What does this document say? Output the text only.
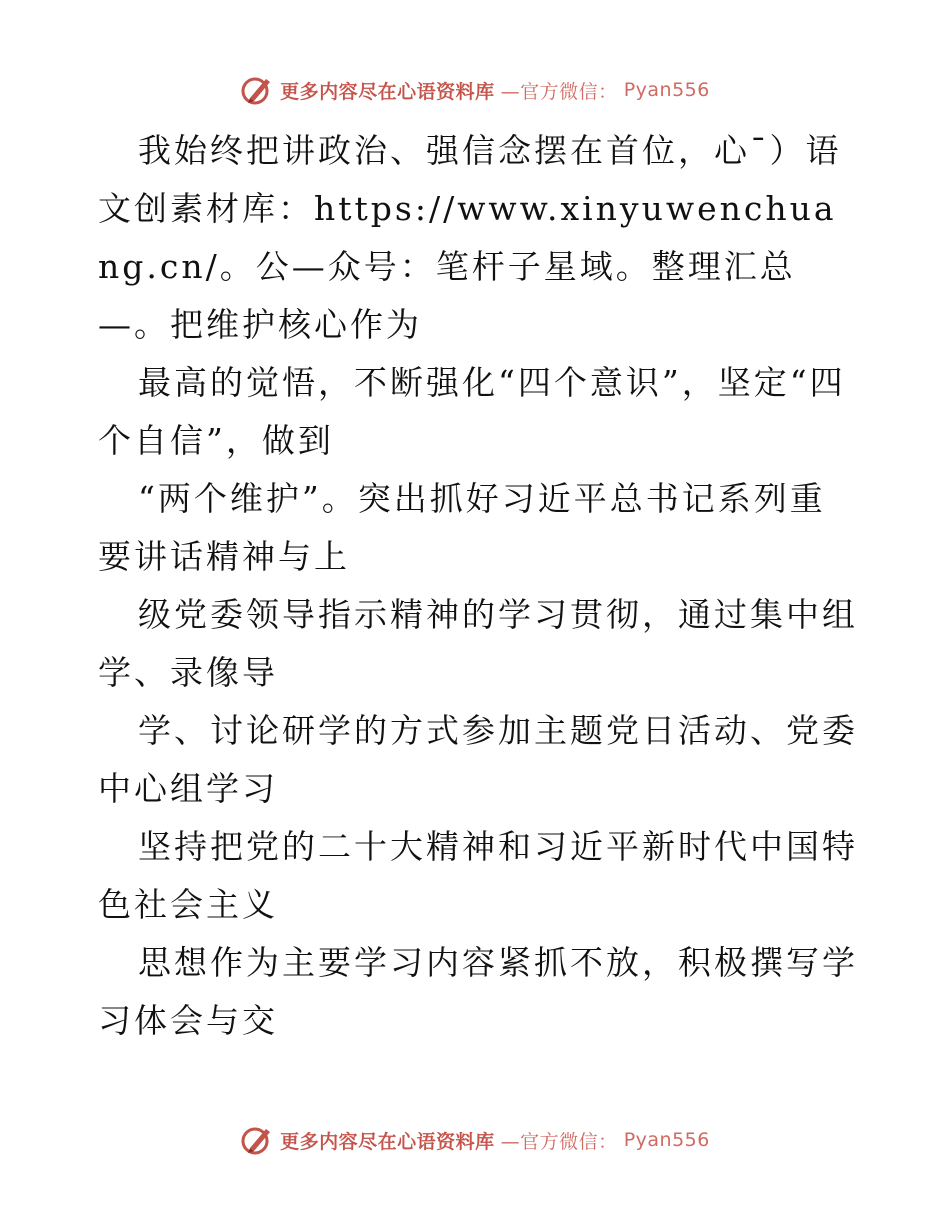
更多内容尽在心语资料库 —官方微信： Pyan556

我始终把讲政治、强信念摆在首位，心¯）语文创素材库：https://www.xinyuwenchuang.cn/。公—众号：笔杆子星域。整理汇总—。把维护核心作为

最高的觉悟，不断强化“四个意识”，坚定“四个自信”，做到

“两个维护”。突出抓好习近平总书记系列重要讲话精神与上

级党委领导指示精神的学习贯彻，通过集中组学、录像导

学、讨论研学的方式参加主题党日活动、党委中心组学习

坚持把党的二十大精神和习近平新时代中国特色社会主义

思想作为主要学习内容紧抓不放，积极撰写学习体会与交

更多内容尽在心语资料库 —官方微信： Pyan556
